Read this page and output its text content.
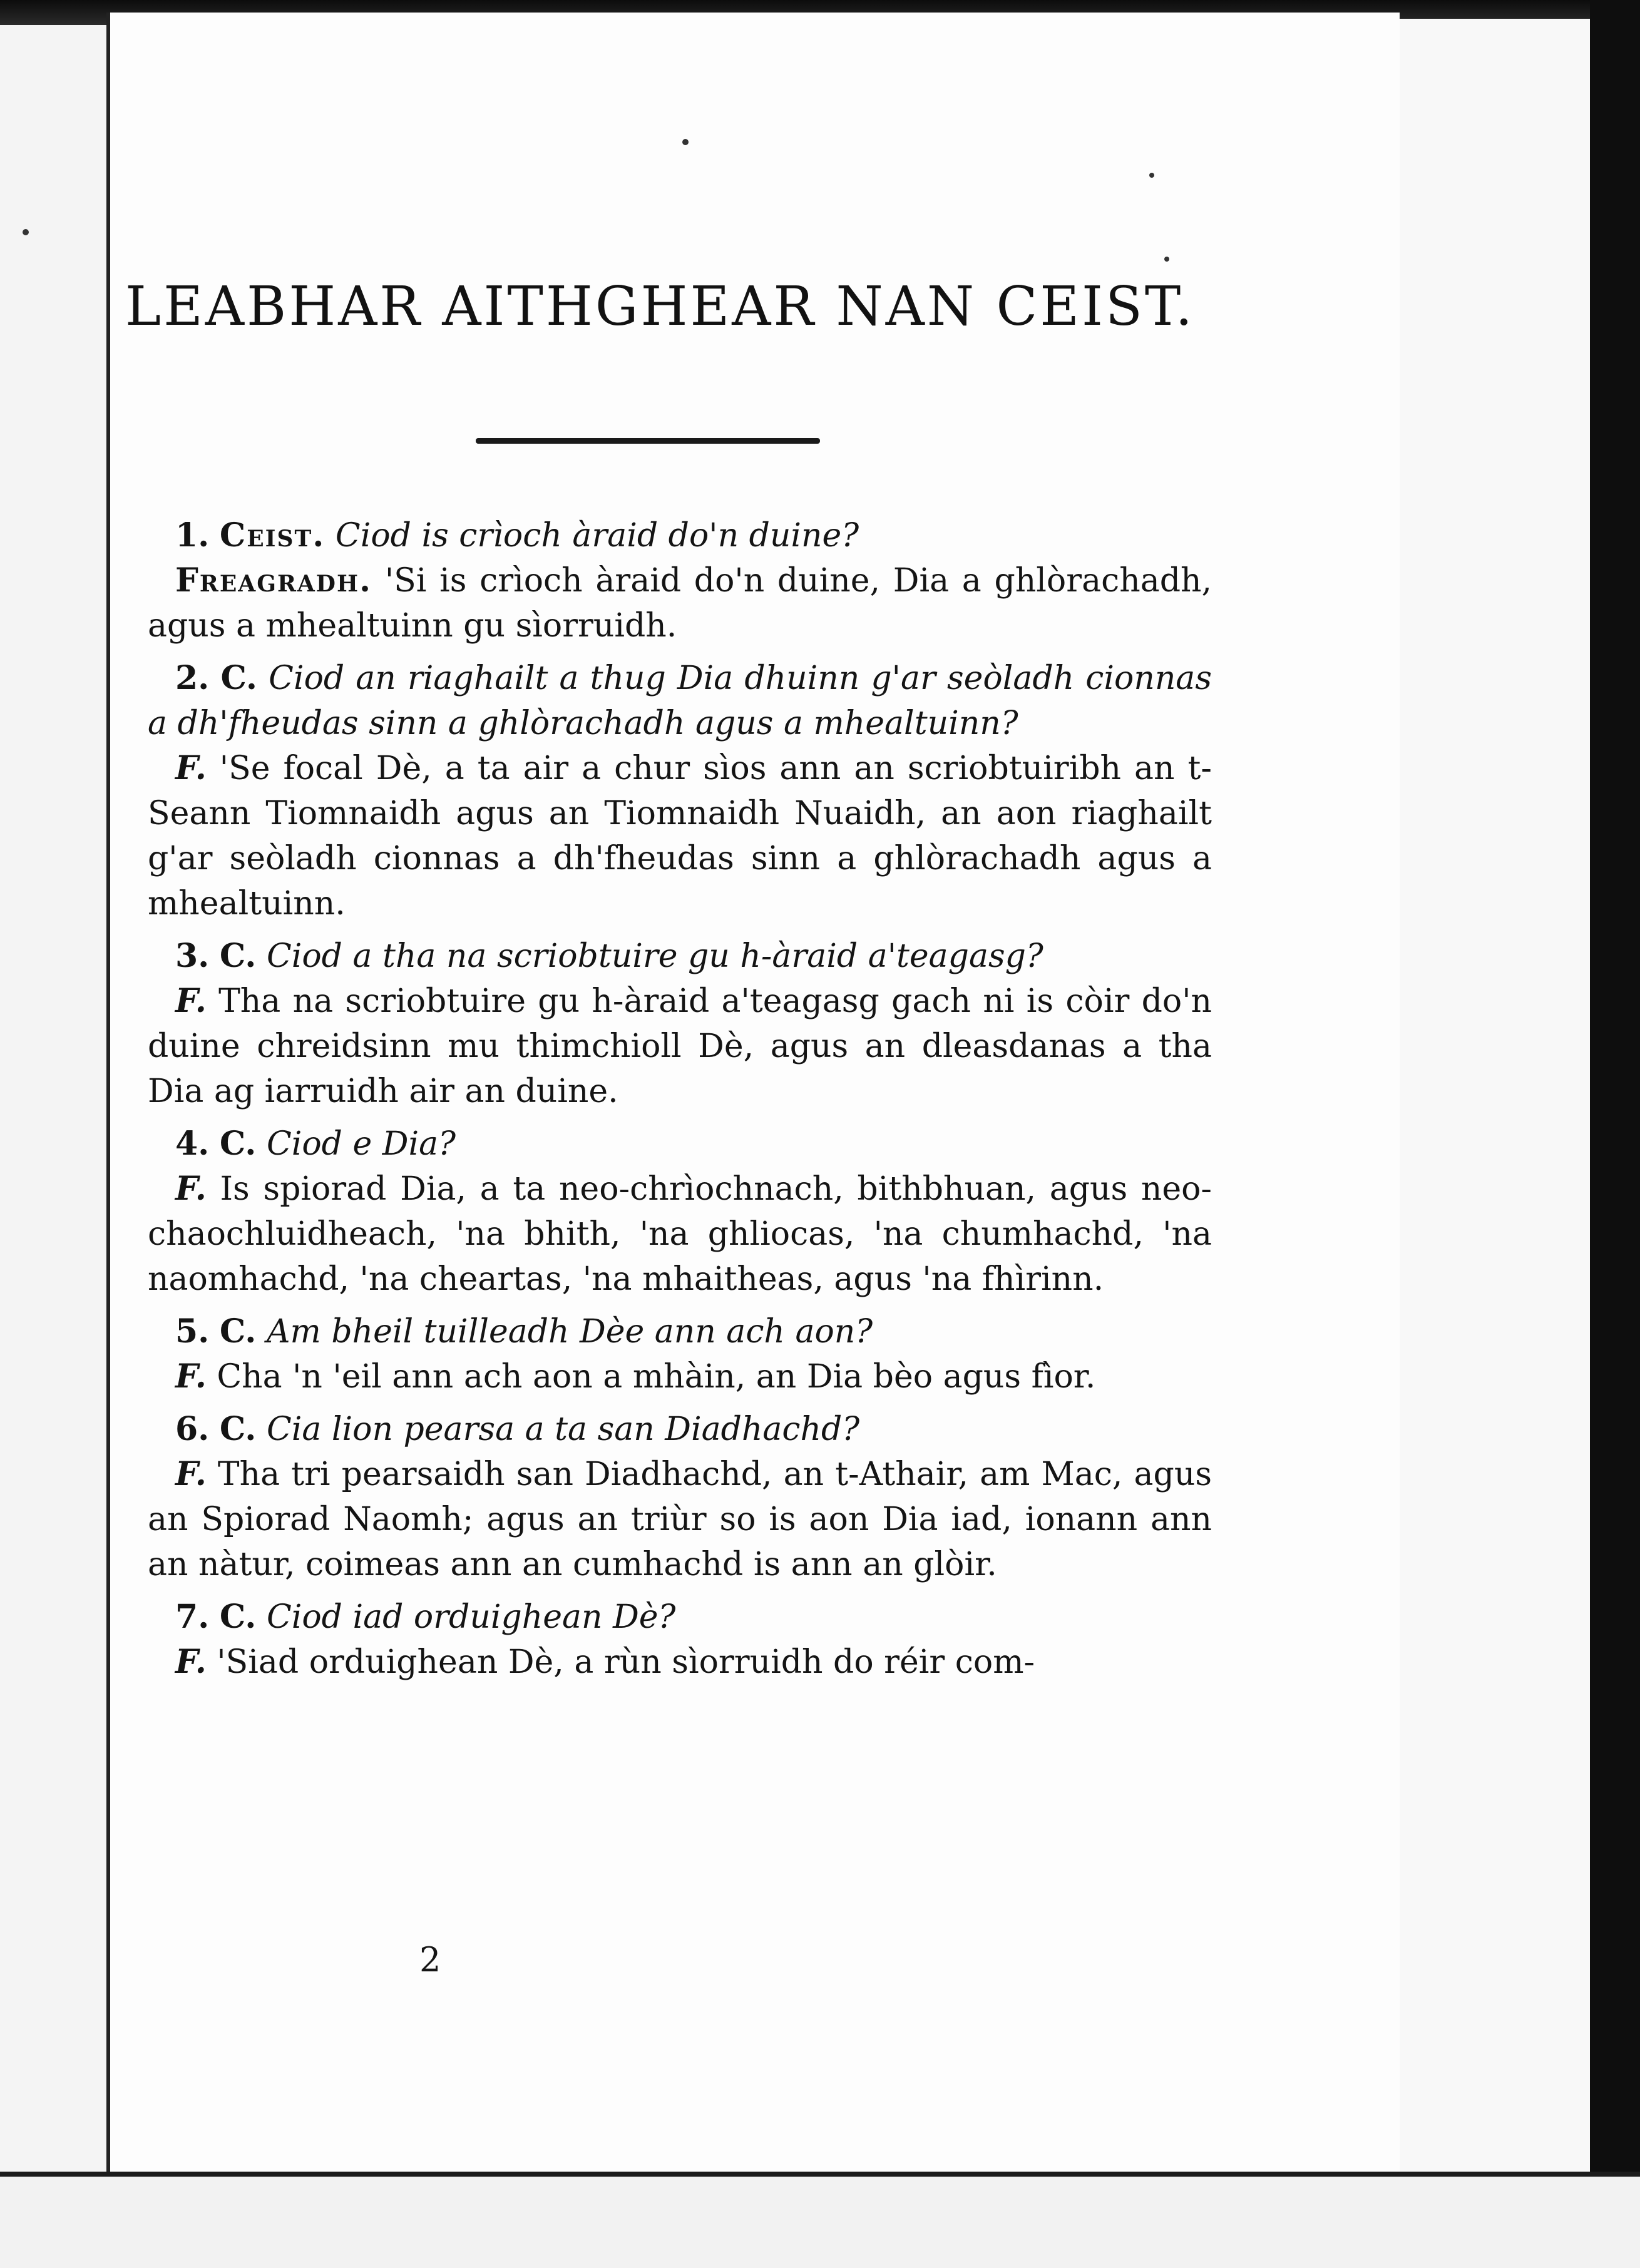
LEABHAR AITHGHEAR NAN CEIST.
1. Ceist. Ciod is crìoch àraid do'n duine?
Freagradh. 'Si is crìoch àraid do'n duine, Dia a ghlòrachadh, agus a mhealtuinn gu sìorruidh.
2. C. Ciod an riaghailt a thug Dia dhuinn g'ar seòladh cionnas a dh'fheudas sinn a ghlòrachadh agus a mhealtuinn?
F. 'Se focal Dè, a ta air a chur sìos ann an scriobtuiribh an t-Seann Tiomnaidh agus an Tiomnaidh Nuaidh, an aon riaghailt g'ar seòladh cionnas a dh'fheudas sinn a ghlòrachadh agus a mhealtuinn.
3. C. Ciod a tha na scriobtuire gu h-àraid a'teagasg?
F. Tha na scriobtuire gu h-àraid a'teagasg gach ni is còir do'n duine chreidsinn mu thimchioll Dè, agus an dleasdanas a tha Dia ag iarruidh air an duine.
4. C. Ciod e Dia?
F. Is spiorad Dia, a ta neo-chrìochnach, bithbhuan, agus neo-chaochluidheach, 'na bhith, 'na ghliocas, 'na chumhachd, 'na naomhachd, 'na cheartas, 'na mhaitheas, agus 'na fhìrinn.
5. C. Am bheil tuilleadh Dèe ann ach aon?
F. Cha 'n 'eil ann ach aon a mhàin, an Dia bèo agus fìor.
6. C. Cia lion pearsa a ta san Diadhachd?
F. Tha tri pearsaidh san Diadhachd, an t-Athair, am Mac, agus an Spiorad Naomh; agus an triùr so is aon Dia iad, ionann ann an nàtur, coimeas ann an cumhachd is ann an glòir.
7. C. Ciod iad orduighean Dè?
F. 'Siad orduighean Dè, a rùn sìorruidh do réir com-
2
